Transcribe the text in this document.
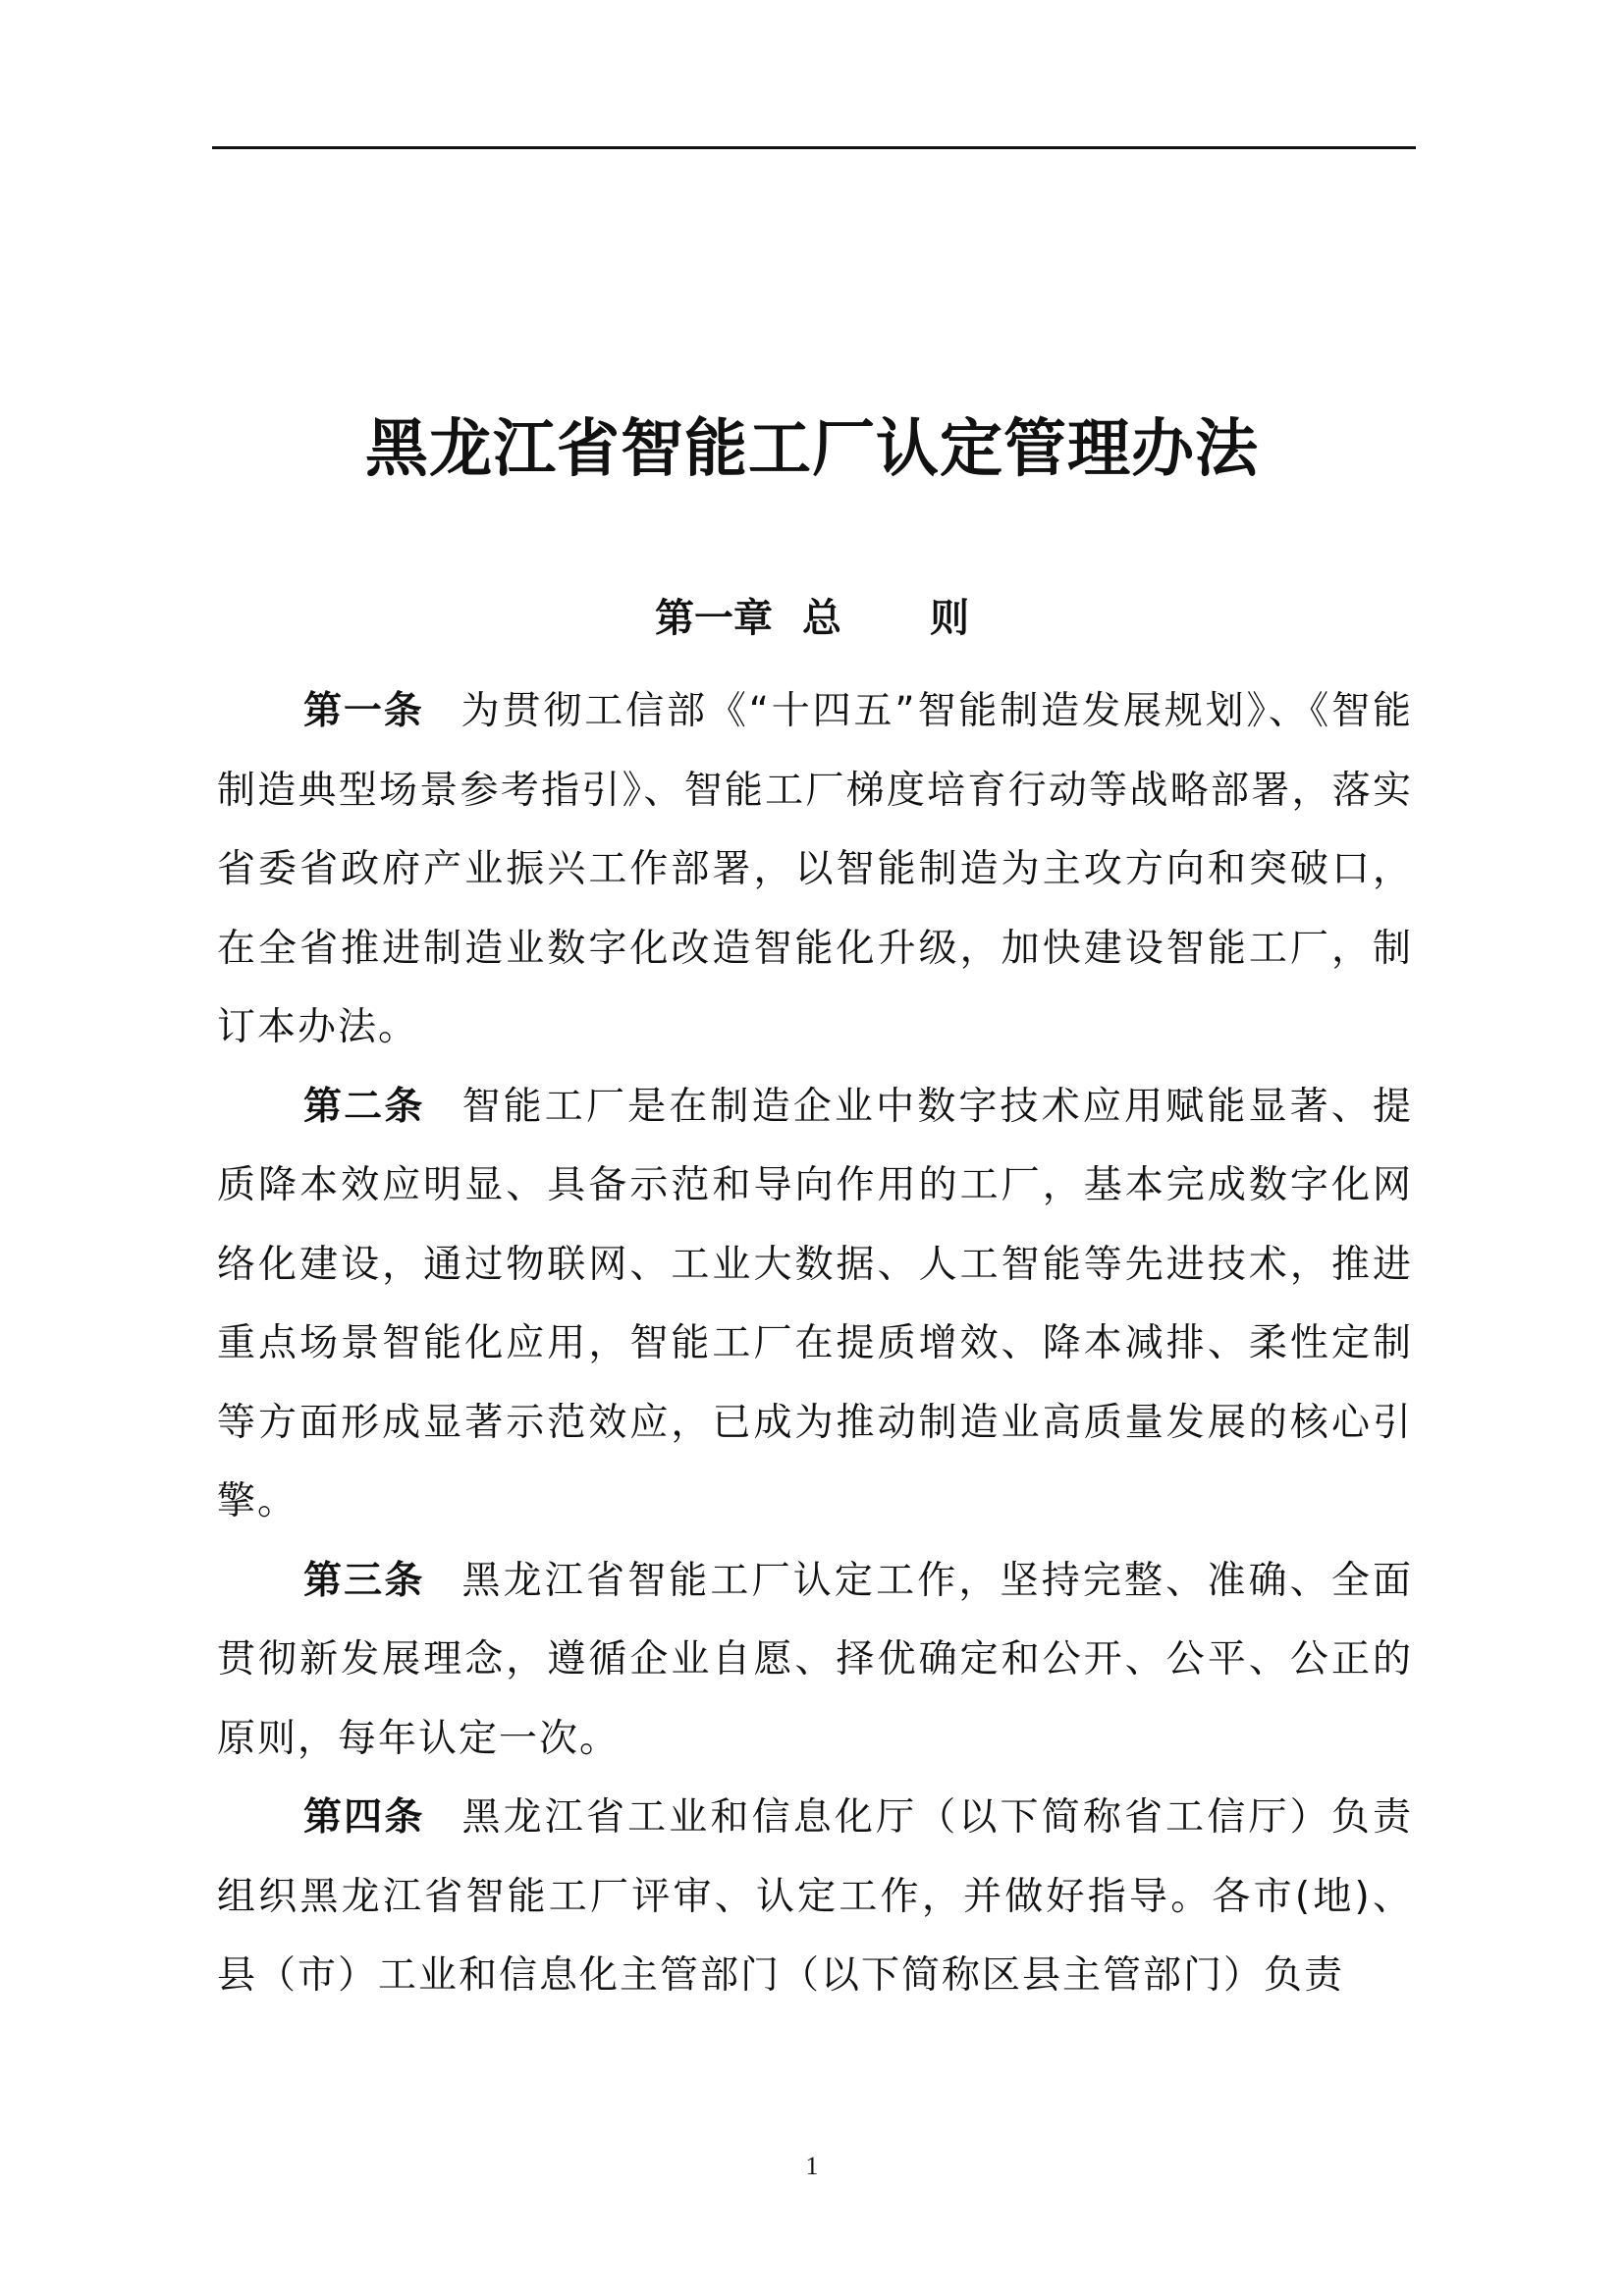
黑龙江省智能工厂认定管理办法
第一章 总 则

第一条 为贯彻工信部《“十四五”智能制造发展规划》、《智能制造典型场景参考指引》、智能工厂梯度培育行动等战略部署，落实省委省政府产业振兴工作部署，以智能制造为主攻方向和突破口，在全省推进制造业数字化改造智能化升级，加快建设智能工厂，制订本办法。

第二条 智能工厂是在制造企业中数字技术应用赋能显著、提质降本效应明显、具备示范和导向作用的工厂，基本完成数字化网络化建设，通过物联网、工业大数据、人工智能等先进技术，推进重点场景智能化应用，智能工厂在提质增效、降本减排、柔性定制等方面形成显著示范效应，已成为推动制造业高质量发展的核心引擎。

第三条 黑龙江省智能工厂认定工作，坚持完整、准确、全面贯彻新发展理念，遵循企业自愿、择优确定和公开、公平、公正的原则，每年认定一次。

第四条 黑龙江省工业和信息化厅（以下简称省工信厅）负责组织黑龙江省智能工厂评审、认定工作，并做好指导。各市(地)、县（市）工业和信息化主管部门（以下简称区县主管部门）负责

1
